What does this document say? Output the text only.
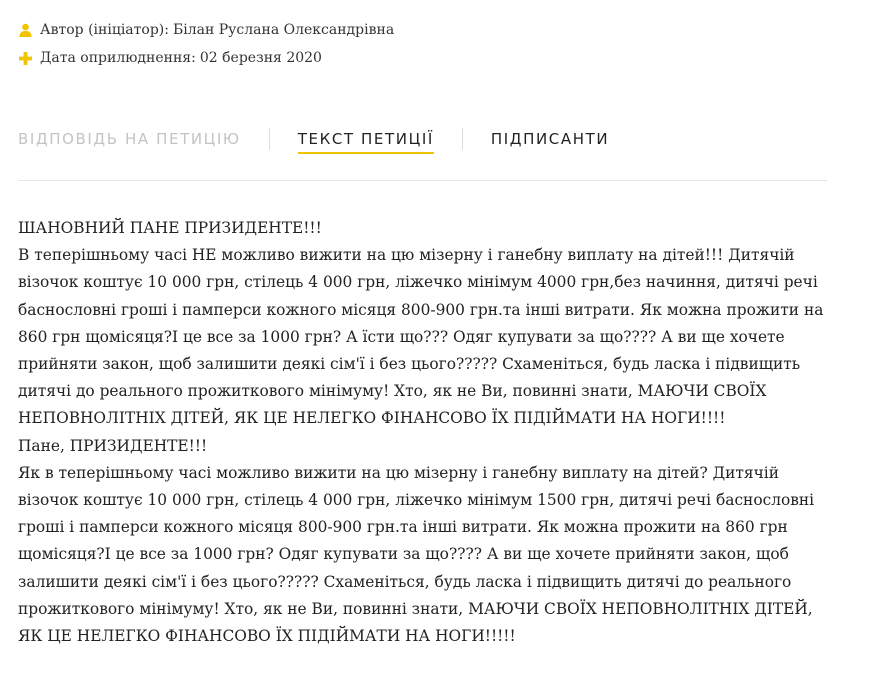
Автор (ініціатор): Білан Руслана Олександрівна
Дата оприлюднення: 02 березня 2020
ВІДПОВІДЬ НА ПЕТИЦІЮ	ТЕКСТ ПЕТИЦІЇ	ПІДПИСАНТИ

ШАНОВНИЙ ПАНЕ ПРИЗИДЕНТЕ!!!

В теперішньому часі НЕ можливо вижити на цю мізерну і ганебну виплату на дітей!!! Дитячій візочок коштує 10 000 грн, стілець 4 000 грн, ліжечко мінімум 4000 грн,без начиння, дитячі речі баснословні гроші і памперси кожного місяця 800-900 грн.та інші витрати. Як можна прожити на 860 грн щомісяця?І це все за 1000 грн? А їсти що??? Одяг купувати за що???? А ви ще хочете прийняти закон, щоб залишити деякі сім'ї і без цього????? Схаменіться, будь ласка і підвищить дитячі до реального прожиткового мінімуму! Хто, як не Ви, повинні знати, МАЮЧИ СВОЇХ НЕПОВНОЛІТНІХ ДІТЕЙ, ЯК ЦЕ НЕЛЕГКО ФІНАНСОВО ЇХ ПІДІЙМАТИ НА НОГИ!!!!

Пане, ПРИЗИДЕНТЕ!!!

Як в теперішньому часі можливо вижити на цю мізерну і ганебну виплату на дітей? Дитячій візочок коштує 10 000 грн, стілець 4 000 грн, ліжечко мінімум 1500 грн, дитячі речі баснословні гроші і памперси кожного місяця 800-900 грн.та інші витрати. Як можна прожити на 860 грн щомісяця?І це все за 1000 грн? Одяг купувати за що???? А ви ще хочете прийняти закон, щоб залишити деякі сім'ї і без цього????? Схаменіться, будь ласка і підвищить дитячі до реального прожиткового мінімуму! Хто, як не Ви, повинні знати, МАЮЧИ СВОЇХ НЕПОВНОЛІТНІХ ДІТЕЙ, ЯК ЦЕ НЕЛЕГКО ФІНАНСОВО ЇХ ПІДІЙМАТИ НА НОГИ!!!!!
